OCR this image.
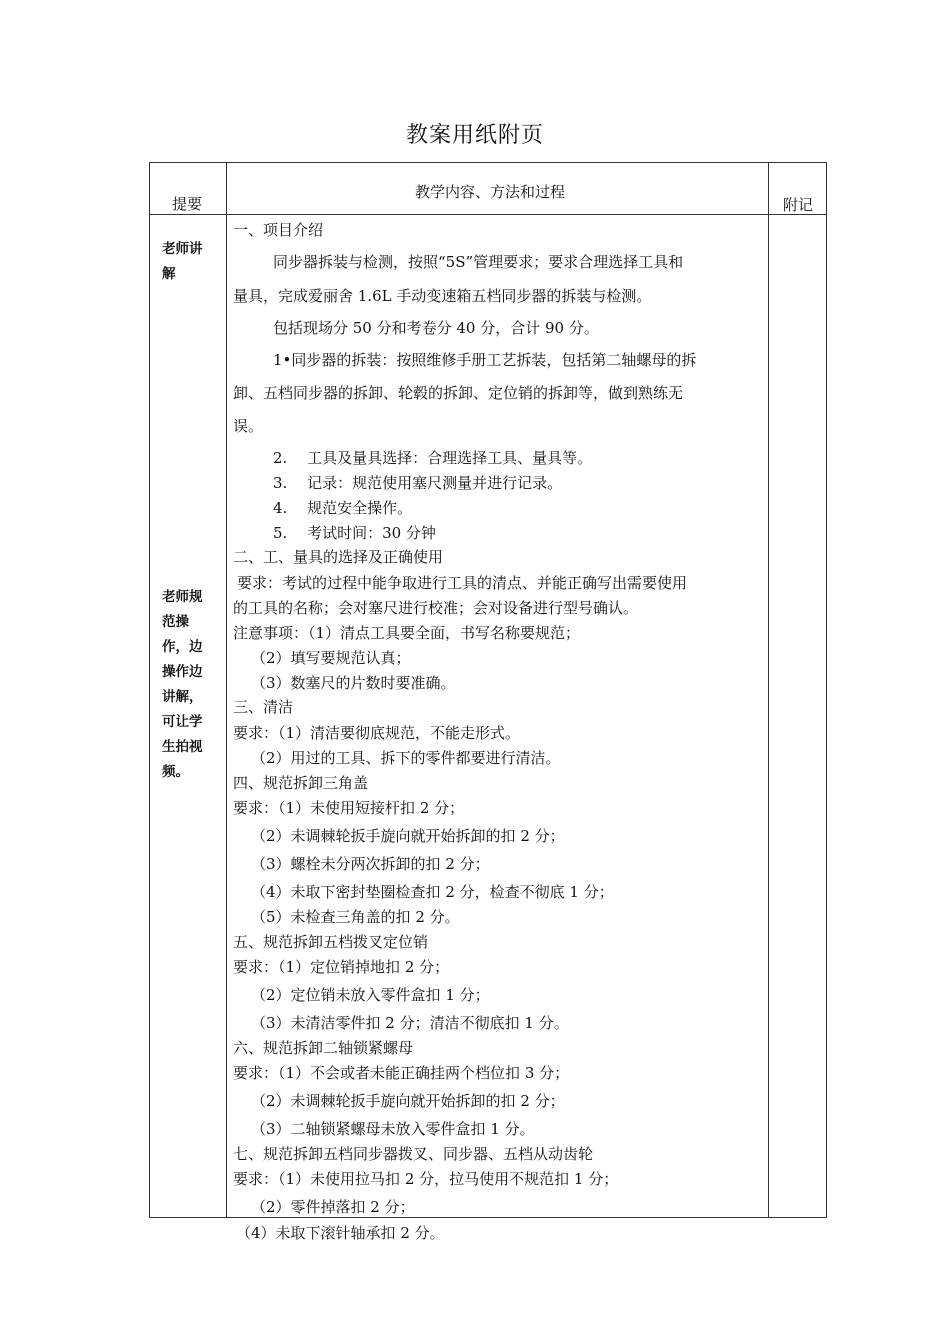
教案用纸附页
提要
教学内容、方法和过程
附记
老师讲
解
老师规
范操
作，边
操作边
讲解，
可让学
生拍视
频。
一、项目介绍
同步器拆装与检测，按照“5S”管理要求；要求合理选择工具和
量具，完成爱丽舍 1.6L 手动变速箱五档同步器的拆装与检测。
包括现场分 50 分和考卷分 40 分，合计 90 分。
1•同步器的拆装：按照维修手册工艺拆装，包括第二轴螺母的拆
卸、五档同步器的拆卸、轮毂的拆卸、定位销的拆卸等，做到熟练无
误。
2.　 工具及量具选择：合理选择工具、量具等。
3.　 记录：规范使用塞尺测量并进行记录。
4.　 规范安全操作。
5.　 考试时间：30 分钟
二、工、量具的选择及正确使用
要求：考试的过程中能争取进行工具的清点、并能正确写出需要使用
的工具的名称；会对塞尺进行校准；会对设备进行型号确认。
注意事项：（1）清点工具要全面，书写名称要规范；
（2）填写要规范认真；
（3）数塞尺的片数时要准确。
三、清洁
要求：（1）清洁要彻底规范，不能走形式。
（2）用过的工具、拆下的零件都要进行清洁。
四、规范拆卸三角盖
要求：（1）未使用短接杆扣 2 分；
（2）未调棘轮扳手旋向就开始拆卸的扣 2 分；
（3）螺栓未分两次拆卸的扣 2 分；
（4）未取下密封垫圈检查扣 2 分，检查不彻底 1 分；
（5）未检查三角盖的扣 2 分。
五、规范拆卸五档拨叉定位销
要求：（1）定位销掉地扣 2 分；
（2）定位销未放入零件盒扣 1 分；
（3）未清洁零件扣 2 分；清洁不彻底扣 1 分。
六、规范拆卸二轴锁紧螺母
要求：（1）不会或者未能正确挂两个档位扣 3 分；
（2）未调棘轮扳手旋向就开始拆卸的扣 2 分；
（3）二轴锁紧螺母未放入零件盒扣 1 分。
七、规范拆卸五档同步器拨叉、同步器、五档从动齿轮
要求：（1）未使用拉马扣 2 分，拉马使用不规范扣 1 分；
（2）零件掉落扣 2 分；
（4）未取下滚针轴承扣 2 分。
